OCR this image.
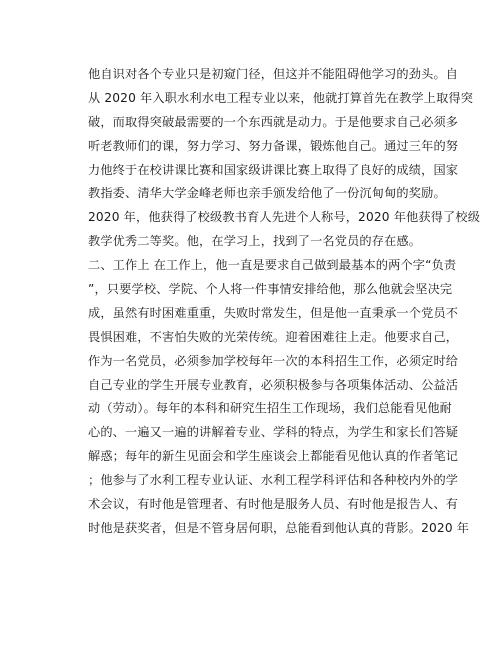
他自识对各个专业只是初窥门径，但这并不能阻碍他学习的劲头。自
从 2020 年入职水利水电工程专业以来，他就打算首先在教学上取得突
破，而取得突破最需要的一个东西就是动力。于是他要求自己必须多
听老教师们的课，努力学习、努力备课，锻炼他自己。通过三年的努
力他终于在校讲课比赛和国家级讲课比赛上取得了良好的成绩，国家
教指委、清华大学金峰老师也亲手颁发给他了一份沉甸甸的奖励。
2020 年，他获得了校级教书育人先进个人称号，2020 年他获得了校级
教学优秀二等奖。他，在学习上，找到了一名党员的存在感。
二、工作上 在工作上，他一直是要求自己做到最基本的两个字“负责
”，只要学校、学院、个人将一件事情安排给他，那么他就会坚决完
成，虽然有时困难重重，失败时常发生，但是他一直秉承一个党员不
畏惧困难，不害怕失败的光荣传统。迎着困难往上走。他要求自己，
作为一名党员，必须参加学校每年一次的本科招生工作，必须定时给
自己专业的学生开展专业教育，必须积极参与各项集体活动、公益活
动（劳动）。每年的本科和研究生招生工作现场，我们总能看见他耐
心的、一遍又一遍的讲解着专业、学科的特点，为学生和家长们答疑
解惑；每年的新生见面会和学生座谈会上都能看见他认真的作者笔记
；他参与了水利工程专业认证、水利工程学科评估和各种校内外的学
术会议，有时他是管理者、有时他是服务人员、有时他是报告人、有
时他是获奖者，但是不管身居何职，总能看到他认真的背影。2020 年
